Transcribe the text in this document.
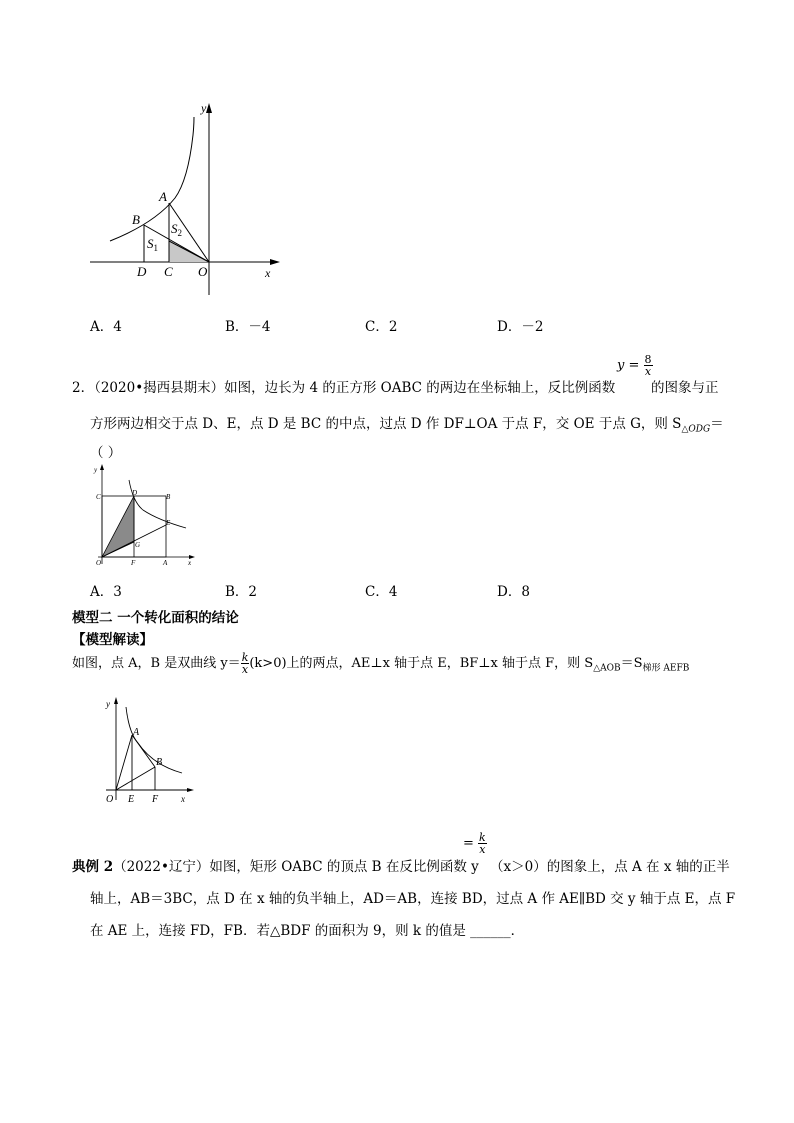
y
x
A
B
D C O
$S_1$
$S_2$
A．4	B．－4	C．2	D．－2
2．（2020•揭西县期末）如图，边长为 4 的正方形 OABC 的两边在坐标轴上，反比例函数
$y = \frac{8}{x}$
的图象与正
方形两边相交于点 D、E，点 D 是 BC 的中点，过点 D 作 DF⊥OA 于点 F，交 OE 于点 G，则 $S_{\triangle ODG}=$
（ ）
y
C	D	B
E
G
O	F	A	x
A．3	B．2	C．4	D．8
模型二 一个转化面积的结论
【模型解读】
如图，点 A，B 是双曲线 $y= \frac{k}{x} (k>0)$上的两点，AE⊥x 轴于点 E，BF⊥x 轴于点 F，则 $S_{\triangle AOB}=S_{梯形 AEFB}$
y
A
B
O E F	x
典例 2（2022•辽宁）如图，矩形 OABC 的顶点 B 在反比例函数 y
= $\frac{k}{x}$
（x＞0）的图象上，点 A 在 x 轴的正半
轴上，AB＝3BC，点 D 在 x 轴的负半轴上，AD＝AB，连接 BD，过点 A 作 AE∥BD 交 y 轴于点 E，点 F
在 AE 上，连接 FD，FB．若△BDF 的面积为 9，则 k 的值是 ______．
